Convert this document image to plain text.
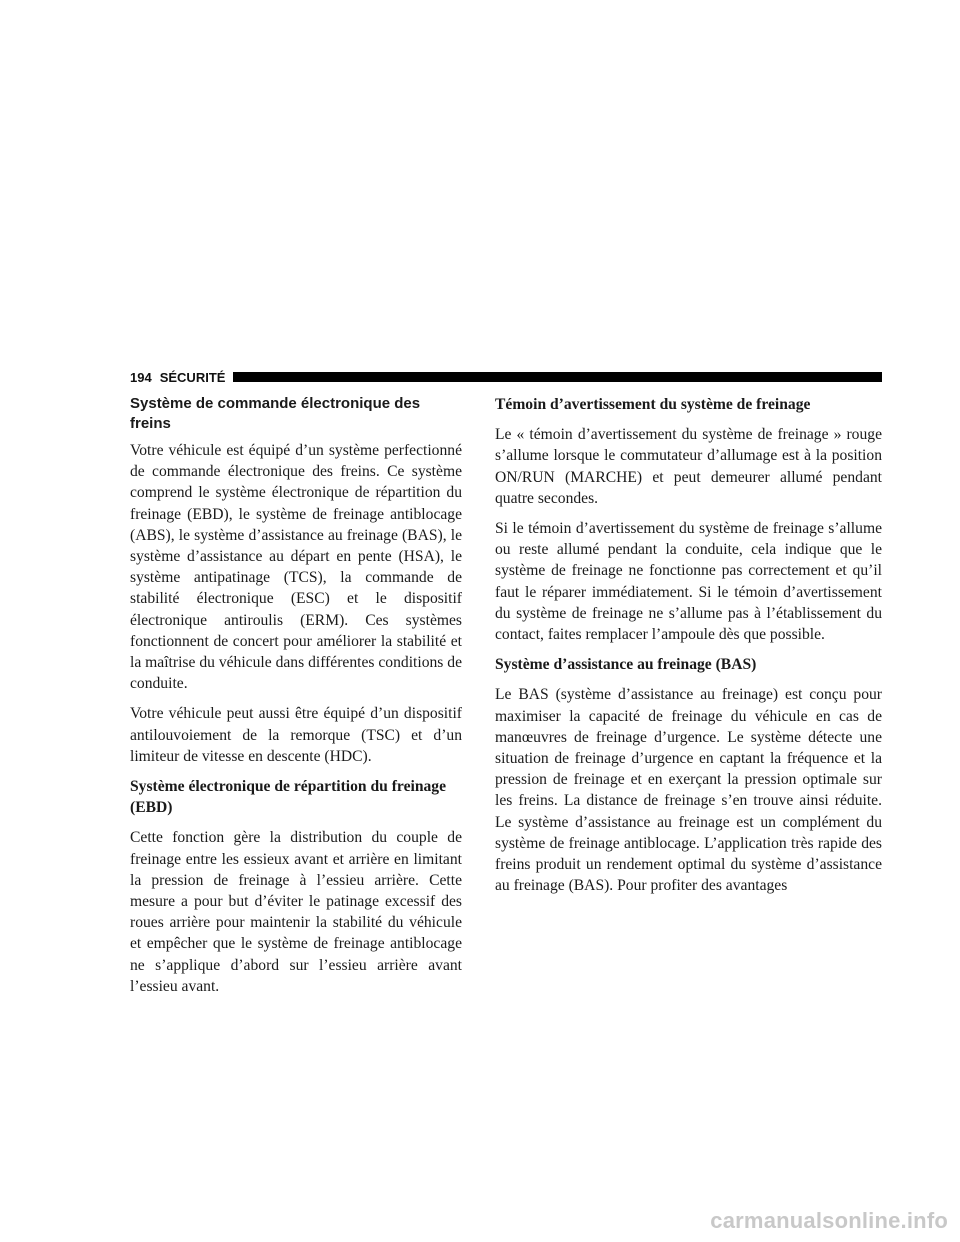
194 SÉCURITÉ
Système de commande électronique des freins

Votre véhicule est équipé d’un système perfectionné de commande électronique des freins. Ce système comprend le système électronique de répartition du freinage (EBD), le système de freinage antiblocage (ABS), le système d’assistance au freinage (BAS), le système d’assistance au départ en pente (HSA), le système antipatinage (TCS), la commande de stabilité électronique (ESC) et le dispositif électronique antiroulis (ERM). Ces systèmes fonctionnent de concert pour améliorer la stabilité et la maîtrise du véhicule dans différentes conditions de conduite.

Votre véhicule peut aussi être équipé d’un dispositif antilouvoiement de la remorque (TSC) et d’un limiteur de vitesse en descente (HDC).

Système électronique de répartition du freinage (EBD)

Cette fonction gère la distribution du couple de freinage entre les essieux avant et arrière en limitant la pression de freinage à l’essieu arrière. Cette mesure a pour but d’éviter le patinage excessif des roues arrière pour maintenir la stabilité du véhicule et empêcher que le système de freinage antiblocage ne s’applique d’abord sur l’essieu arrière avant l’essieu avant.

Témoin d’avertissement du système de freinage

Le « témoin d’avertissement du système de freinage » rouge s’allume lorsque le commutateur d’allumage est à la position ON/RUN (MARCHE) et peut demeurer allumé pendant quatre secondes.

Si le témoin d’avertissement du système de freinage s’allume ou reste allumé pendant la conduite, cela indique que le système de freinage ne fonctionne pas correctement et qu’il faut le réparer immédiatement. Si le témoin d’avertissement du système de freinage ne s’allume pas à l’établissement du contact, faites remplacer l’ampoule dès que possible.

Système d’assistance au freinage (BAS)

Le BAS (système d’assistance au freinage) est conçu pour maximiser la capacité de freinage du véhicule en cas de manœuvres de freinage d’urgence. Le système détecte une situation de freinage d’urgence en captant la fréquence et la pression de freinage et en exerçant la pression optimale sur les freins. La distance de freinage s’en trouve ainsi réduite. Le système d’assistance au freinage est un complément du système de freinage antiblocage. L’application très rapide des freins produit un rendement optimal du système d’assistance au freinage (BAS). Pour profiter des avantages

carmanualsonline.info
